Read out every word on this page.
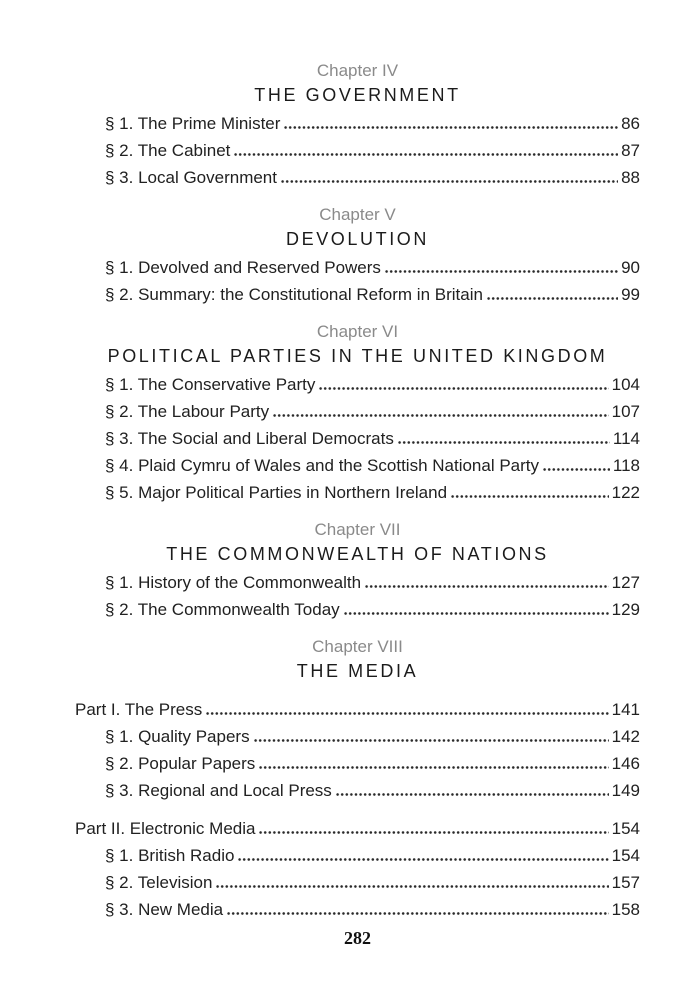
Chapter IV
THE GOVERNMENT
§ 1. The Prime Minister	86
§ 2. The Cabinet	87
§ 3. Local Government	88
Chapter V
DEVOLUTION
§ 1. Devolved and Reserved Powers	90
§ 2. Summary: the Constitutional Reform in Britain	99
Chapter VI
POLITICAL PARTIES IN THE UNITED KINGDOM
§ 1. The Conservative Party	104
§ 2. The Labour Party	107
§ 3. The Social and Liberal Democrats	114
§ 4. Plaid Cymru of Wales and the Scottish National Party	118
§ 5. Major Political Parties in Northern Ireland	122
Chapter VII
THE COMMONWEALTH OF NATIONS
§ 1. History of the Commonwealth	127
§ 2. The Commonwealth Today	129
Chapter VIII
THE MEDIA
Part I. The Press	141
§ 1. Quality Papers	142
§ 2. Popular Papers	146
§ 3. Regional and Local Press	149
Part II. Electronic Media	154
§ 1. British Radio	154
§ 2. Television	157
§ 3. New Media	158
282
